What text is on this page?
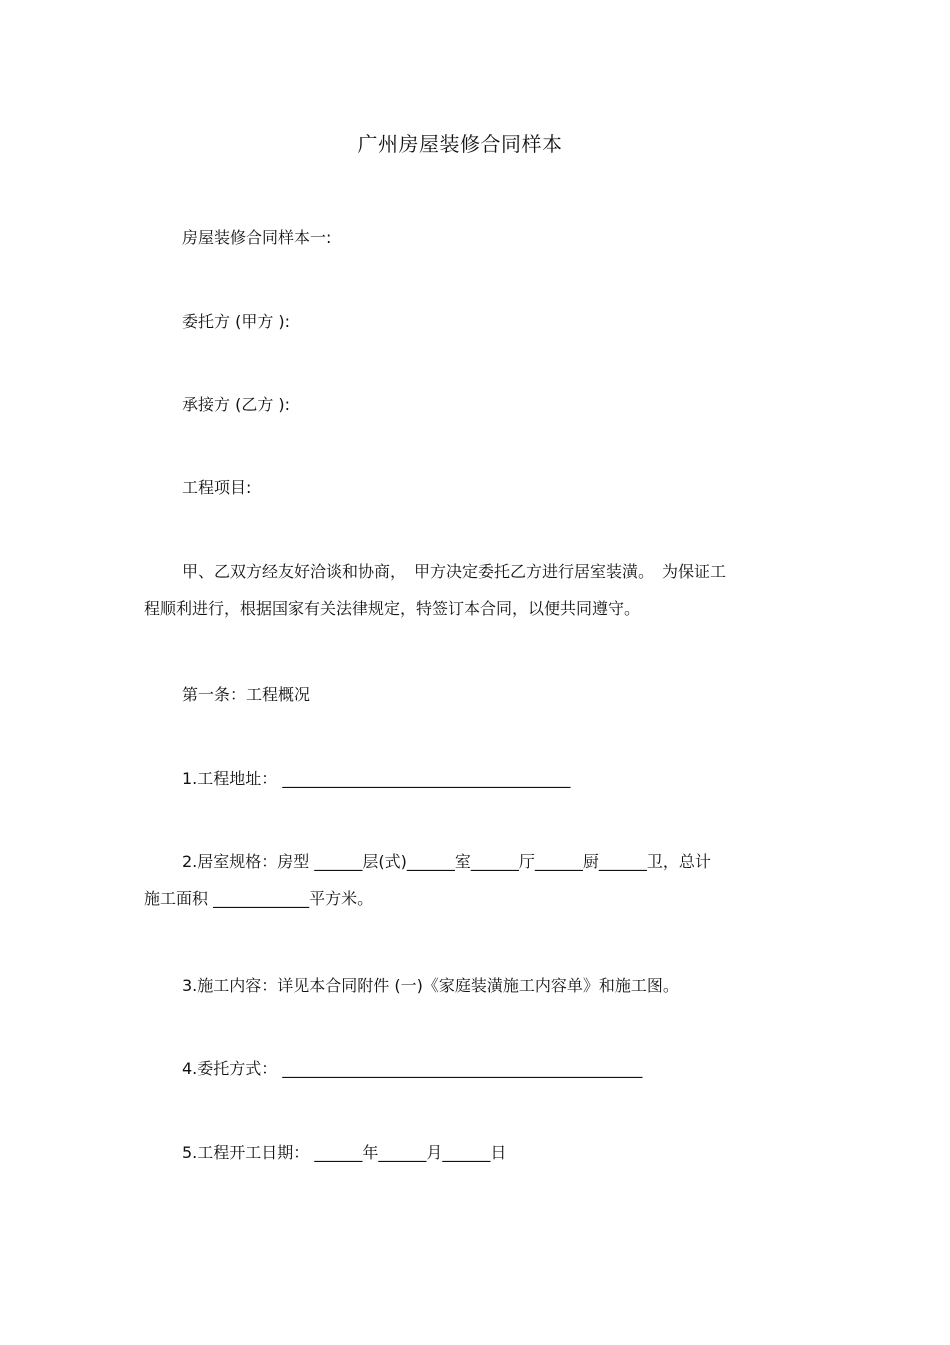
广州房屋装修合同样本
房屋装修合同样本一:
委托方 (甲方 ):
承接方 (乙方 ):
工程项目:
甲、乙双方经友好洽谈和协商，　甲方决定委托乙方进行居室装潢。　为保证工
程顺利进行，根据国家有关法律规定，特签订本合同，以便共同遵守。
第一条：工程概况
1.工程地址： ____________________________________
2.居室规格：房型 ______层(式)______室______厅______厨______卫，总计
施工面积 ____________平方米。
3.施工内容：详见本合同附件 (一)《家庭装潢施工内容单》和施工图。
4.委托方式： _____________________________________________
5.工程开工日期： ______年______月______日
